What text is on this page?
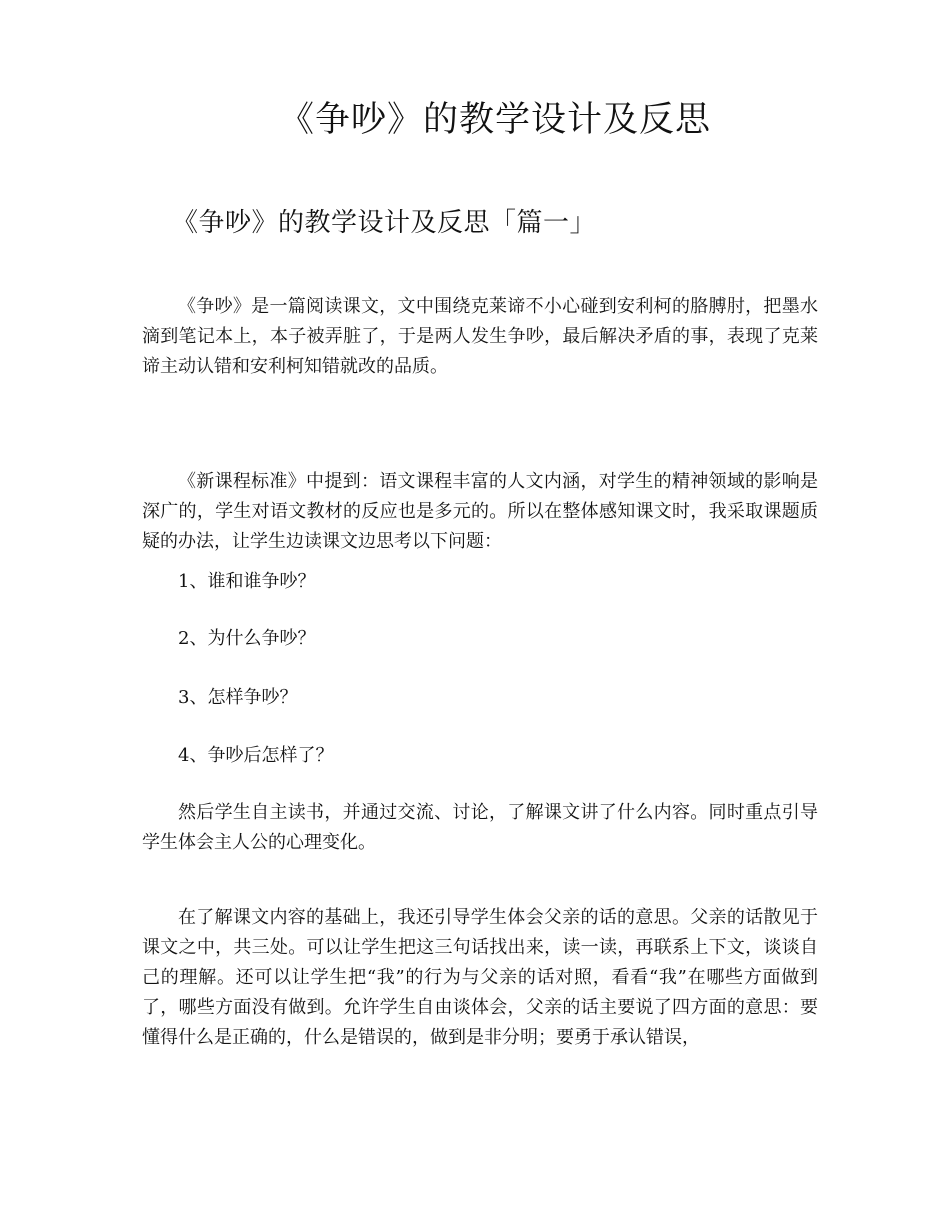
《争吵》的教学设计及反思
《争吵》的教学设计及反思「篇一」

《争吵》是一篇阅读课文，文中围绕克莱谛不小心碰到安利柯的胳膊肘，把墨水滴到笔记本上，本子被弄脏了，于是两人发生争吵，最后解决矛盾的事，表现了克莱谛主动认错和安利柯知错就改的品质。

《新课程标准》中提到：语文课程丰富的人文内涵，对学生的精神领域的影响是深广的，学生对语文教材的反应也是多元的。所以在整体感知课文时，我采取课题质疑的办法，让学生边读课文边思考以下问题：

1、谁和谁争吵？

2、为什么争吵？

3、怎样争吵？

4、争吵后怎样了？

然后学生自主读书，并通过交流、讨论，了解课文讲了什么内容。同时重点引导学生体会主人公的心理变化。

在了解课文内容的基础上，我还引导学生体会父亲的话的意思。父亲的话散见于课文之中，共三处。可以让学生把这三句话找出来，读一读，再联系上下文，谈谈自己的理解。还可以让学生把“我”的行为与父亲的话对照，看看“我”在哪些方面做到了，哪些方面没有做到。允许学生自由谈体会，父亲的话主要说了四方面的意思：要懂得什么是正确的，什么是错误的，做到是非分明；要勇于承认错误，
